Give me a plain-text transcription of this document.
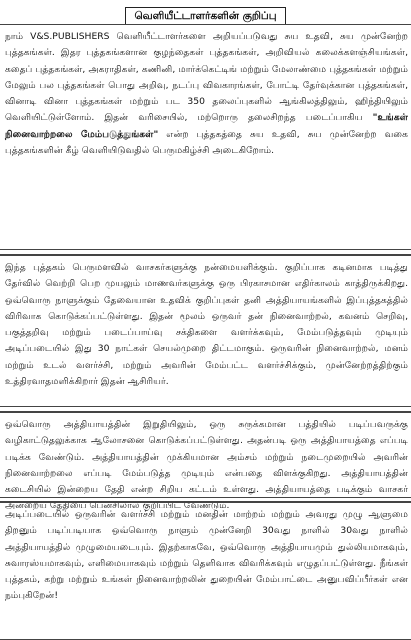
வெளியீட்டாளர்களின் குறிப்பு

நாம் V&S.PUBLISHERS வெளியீட்டாளர்களை அறியப்படுவது சுய உதவி, சுய முன்னேற்ற புத்தகங்கள். இதர புத்தகங்களான குழந்தைகள் புத்தகங்கள், அறிவியல் கலைக்களஞ்சியங்கள், கதைப் புத்தகங்கள், அகராதிகள், கணினி, மார்க்கெட்டிங் மற்றும் மேலாண்மை புத்தகங்கள் மற்றும் மேலும் பல புத்தகங்கள் பொது அறிவு, நடப்பு விவகாரங்கள், போட்டி தேர்வுக்கான புத்தகங்கள், வினாடி வினா புத்தகங்கள் மற்றும் பட 350 தலைப்புகளில் ஆங்கிலத்திலும், ஹிந்தியிலும் வெளியிட்டுள்ளோம். இதன் வரிசையில், மற்றொரு தலைசிறந்த படைப்பாகிய "உங்கள் நினைவாற்றலை மேம்படுத்துங்கள்" என்ற புத்தகத்தை சுய உதவி, சுய முன்னேற்ற வகை புத்தகங்களின் கீழ் வெளியிடுவதில் பெருமகிழ்ச்சி அடைகிறோம்.

இந்த புத்தகம் பெருமளவில் வாசகர்களுக்கு நன்மையளிக்கும். குறிப்பாக கடினமாக படித்து தேர்வில் வெற்றி பெற முயலும் மாணவர்களுக்கு ஒரு பிரகாசமான எதிர்காலம் காத்திருக்கிறது. ஒவ்வொரு நாளுக்கும் தேவையான உதவிக் குறிப்புகள் தனி அத்தியாயங்களில் இப்புத்தகத்தில் விரிவாக கொடுக்கப்பட்டுள்ளது. இதன் மூலம் ஒருவர் தன் நினைவாற்றல், கவனம் செறிவு, பகுத்தறிவு மற்றும் படைப்பாய்வு சக்திகளை வளர்க்கவும், மேம்படுத்தவும் முடியும் அடிப்படையில் இது 30 நாட்கள் செயல்முறை திட்டமாகும். ஒருவரின் நினைவாற்றல், மனம் மற்றும் உடல் வளர்ச்சி, மற்றும் அவரின் மேம்பட்ட வளர்ச்சிக்கும், முன்னேற்றத்திற்கும் உத்திரவாதமளிக்கிறார் இதன் ஆசிரியர்.

ஒவ்வொரு அத்தியாயத்தின் இறுதியிலும், ஒரு சுருக்கமான பத்தியில் படிப்பவருக்கு வழிகாட்டுதலுக்காக ஆலோசனை கொடுக்கப்பட்டுள்ளது. அதன்படி ஒரு அத்தியாயத்தை எப்படி படிக்க வேண்டும். அத்தியாயத்தின் முக்கியமான அம்சம் மற்றும் நடைமுறையில் அவரின் நினைவாற்றலை எப்படி மேம்படுத்த முடியும் என்பதை விளக்குகிறது. அத்தியாயத்தின் கடைசியில் இன்றைய தேதி என்ற சிறிய கட்டம் உள்ளது. அத்தியாயத்தை படிக்கும் வாசகர் அன்றைய தேதியை பென்சிலால் குறிப்பிட வேண்டும்.

அடிப்படையில் ஒருவரின் வளர்ச்சி மற்றும் மனதின் மாற்றம் மற்றும் அவரது முழு ஆளுமை திறனும் படிப்படியாக ஒவ்வொரு நாளும் முன்னேறி 30வது நாளில் 30வது நாளில் அத்தியாயத்தில் முழுமையடையும். இதற்காகவே, ஒவ்வொரு அத்தியாயமும் துல்லியமாகவும், சுவாரஸ்யமாகவும், எளிமையாகவும் மற்றும் தெளிவாக விவரிக்கவும் எழுதப்பட்டுள்ளது. நீங்கள் புத்தகம், கற்று மற்றும் உங்கள் நினைவாற்றலின் துறையின் மேம்பாட்டை அனுபவிப்பீர்கள் என நம்புகிறேன்!
